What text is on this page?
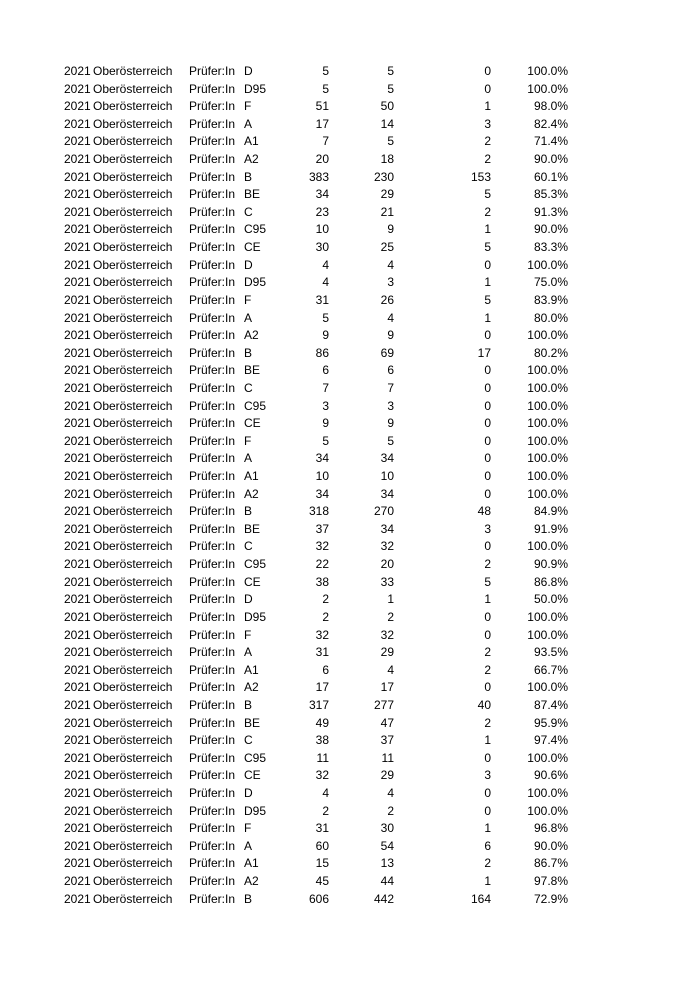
2021 Oberösterreich Prüfer:In D	5	5	0	100.0%
2021 Oberösterreich Prüfer:In D95	5	5	0	100.0%
2021 Oberösterreich Prüfer:In F	51	50	1	98.0%
2021 Oberösterreich Prüfer:In A	17	14	3	82.4%
2021 Oberösterreich Prüfer:In A1	7	5	2	71.4%
2021 Oberösterreich Prüfer:In A2	20	18	2	90.0%
2021 Oberösterreich Prüfer:In B	383	230	153	60.1%
2021 Oberösterreich Prüfer:In BE	34	29	5	85.3%
2021 Oberösterreich Prüfer:In C	23	21	2	91.3%
2021 Oberösterreich Prüfer:In C95	10	9	1	90.0%
2021 Oberösterreich Prüfer:In CE	30	25	5	83.3%
2021 Oberösterreich Prüfer:In D	4	4	0	100.0%
2021 Oberösterreich Prüfer:In D95	4	3	1	75.0%
2021 Oberösterreich Prüfer:In F	31	26	5	83.9%
2021 Oberösterreich Prüfer:In A	5	4	1	80.0%
2021 Oberösterreich Prüfer:In A2	9	9	0	100.0%
2021 Oberösterreich Prüfer:In B	86	69	17	80.2%
2021 Oberösterreich Prüfer:In BE	6	6	0	100.0%
2021 Oberösterreich Prüfer:In C	7	7	0	100.0%
2021 Oberösterreich Prüfer:In C95	3	3	0	100.0%
2021 Oberösterreich Prüfer:In CE	9	9	0	100.0%
2021 Oberösterreich Prüfer:In F	5	5	0	100.0%
2021 Oberösterreich Prüfer:In A	34	34	0	100.0%
2021 Oberösterreich Prüfer:In A1	10	10	0	100.0%
2021 Oberösterreich Prüfer:In A2	34	34	0	100.0%
2021 Oberösterreich Prüfer:In B	318	270	48	84.9%
2021 Oberösterreich Prüfer:In BE	37	34	3	91.9%
2021 Oberösterreich Prüfer:In C	32	32	0	100.0%
2021 Oberösterreich Prüfer:In C95	22	20	2	90.9%
2021 Oberösterreich Prüfer:In CE	38	33	5	86.8%
2021 Oberösterreich Prüfer:In D	2	1	1	50.0%
2021 Oberösterreich Prüfer:In D95	2	2	0	100.0%
2021 Oberösterreich Prüfer:In F	32	32	0	100.0%
2021 Oberösterreich Prüfer:In A	31	29	2	93.5%
2021 Oberösterreich Prüfer:In A1	6	4	2	66.7%
2021 Oberösterreich Prüfer:In A2	17	17	0	100.0%
2021 Oberösterreich Prüfer:In B	317	277	40	87.4%
2021 Oberösterreich Prüfer:In BE	49	47	2	95.9%
2021 Oberösterreich Prüfer:In C	38	37	1	97.4%
2021 Oberösterreich Prüfer:In C95	11	11	0	100.0%
2021 Oberösterreich Prüfer:In CE	32	29	3	90.6%
2021 Oberösterreich Prüfer:In D	4	4	0	100.0%
2021 Oberösterreich Prüfer:In D95	2	2	0	100.0%
2021 Oberösterreich Prüfer:In F	31	30	1	96.8%
2021 Oberösterreich Prüfer:In A	60	54	6	90.0%
2021 Oberösterreich Prüfer:In A1	15	13	2	86.7%
2021 Oberösterreich Prüfer:In A2	45	44	1	97.8%
2021 Oberösterreich Prüfer:In B	606	442	164	72.9%
